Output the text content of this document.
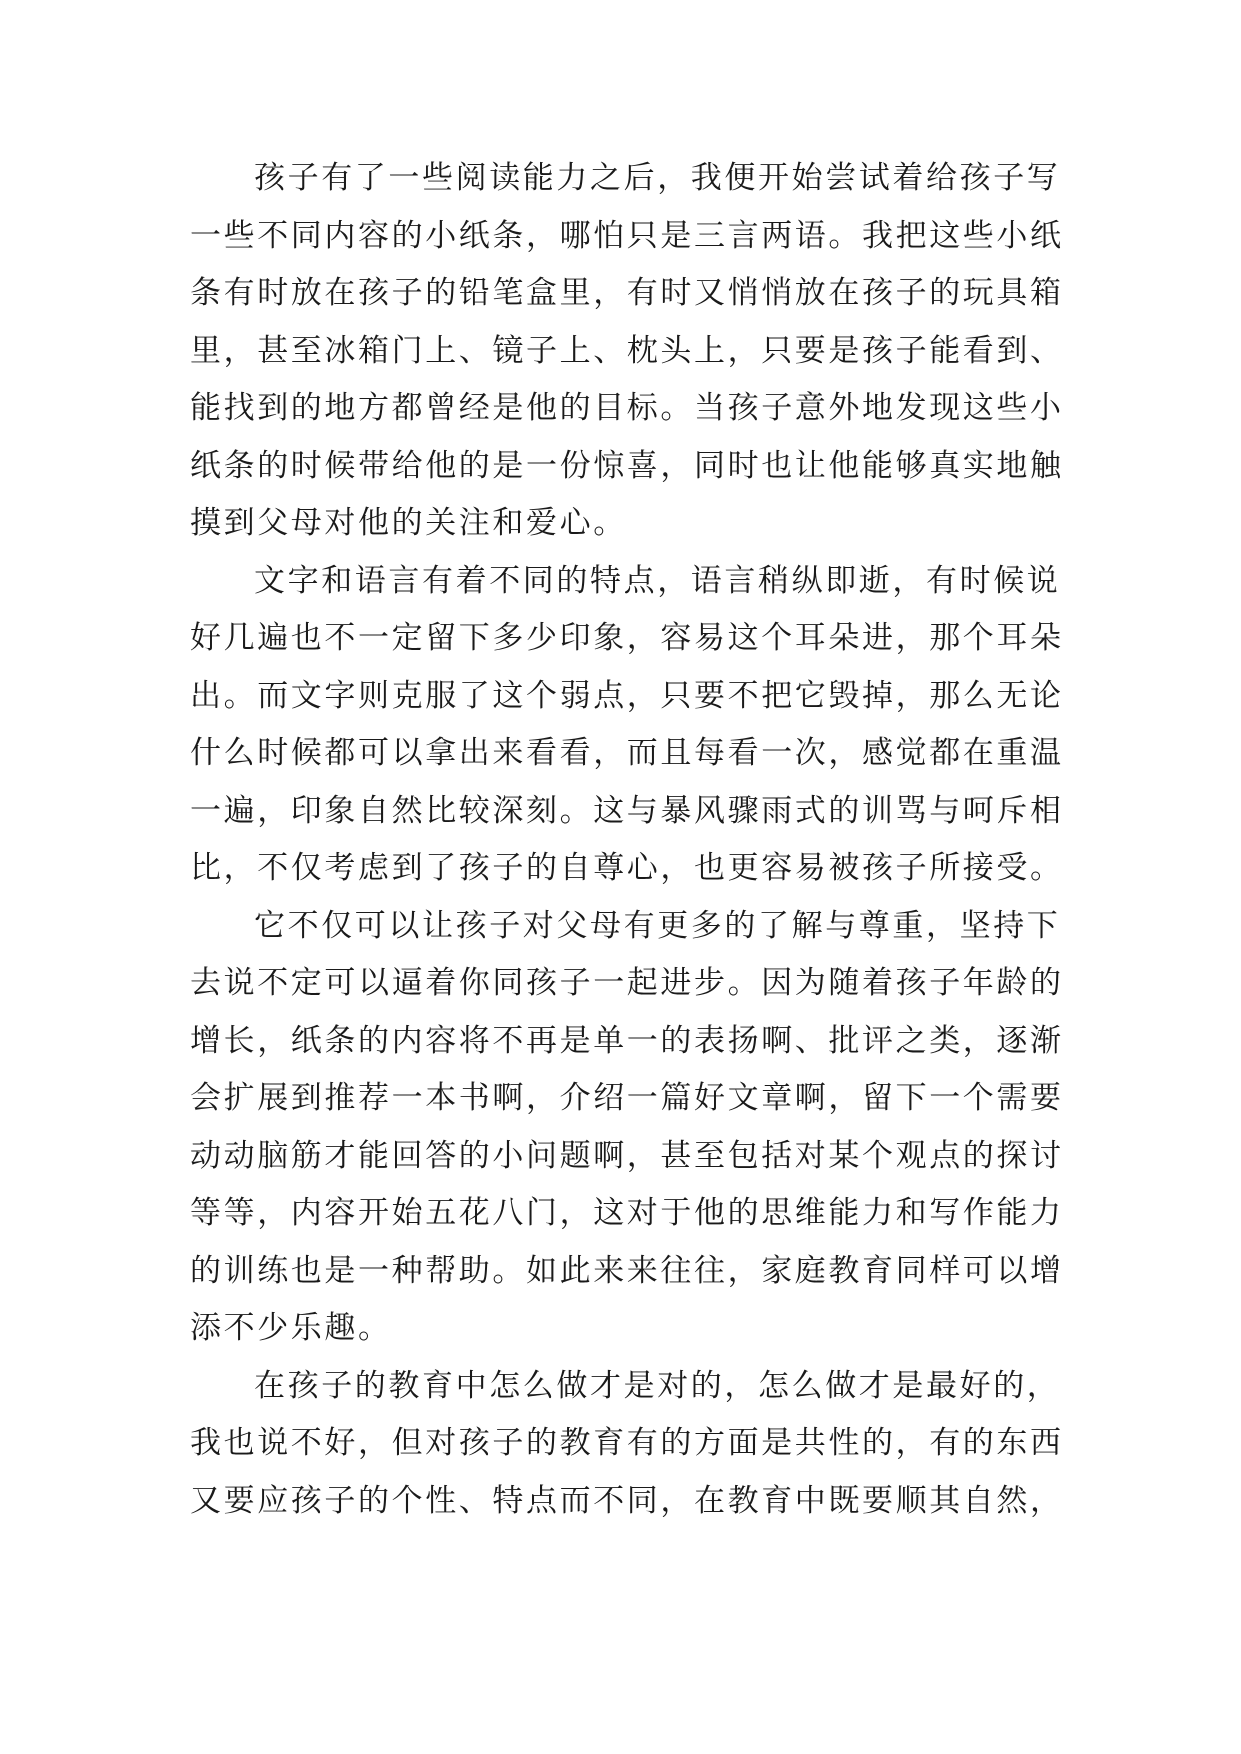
孩子有了一些阅读能力之后，我便开始尝试着给孩子写
一些不同内容的小纸条，哪怕只是三言两语。我把这些小纸
条有时放在孩子的铅笔盒里，有时又悄悄放在孩子的玩具箱
里，甚至冰箱门上、镜子上、枕头上，只要是孩子能看到、
能找到的地方都曾经是他的目标。当孩子意外地发现这些小
纸条的时候带给他的是一份惊喜，同时也让他能够真实地触
摸到父母对他的关注和爱心。
文字和语言有着不同的特点，语言稍纵即逝，有时候说
好几遍也不一定留下多少印象，容易这个耳朵进，那个耳朵
出。而文字则克服了这个弱点，只要不把它毁掉，那么无论
什么时候都可以拿出来看看，而且每看一次，感觉都在重温
一遍，印象自然比较深刻。这与暴风骤雨式的训骂与呵斥相
比，不仅考虑到了孩子的自尊心，也更容易被孩子所接受。
它不仅可以让孩子对父母有更多的了解与尊重，坚持下
去说不定可以逼着你同孩子一起进步。因为随着孩子年龄的
增长，纸条的内容将不再是单一的表扬啊、批评之类，逐渐
会扩展到推荐一本书啊，介绍一篇好文章啊，留下一个需要
动动脑筋才能回答的小问题啊，甚至包括对某个观点的探讨
等等，内容开始五花八门，这对于他的思维能力和写作能力
的训练也是一种帮助。如此来来往往，家庭教育同样可以增
添不少乐趣。
在孩子的教育中怎么做才是对的，怎么做才是最好的，
我也说不好，但对孩子的教育有的方面是共性的，有的东西
又要应孩子的个性、特点而不同，在教育中既要顺其自然，
